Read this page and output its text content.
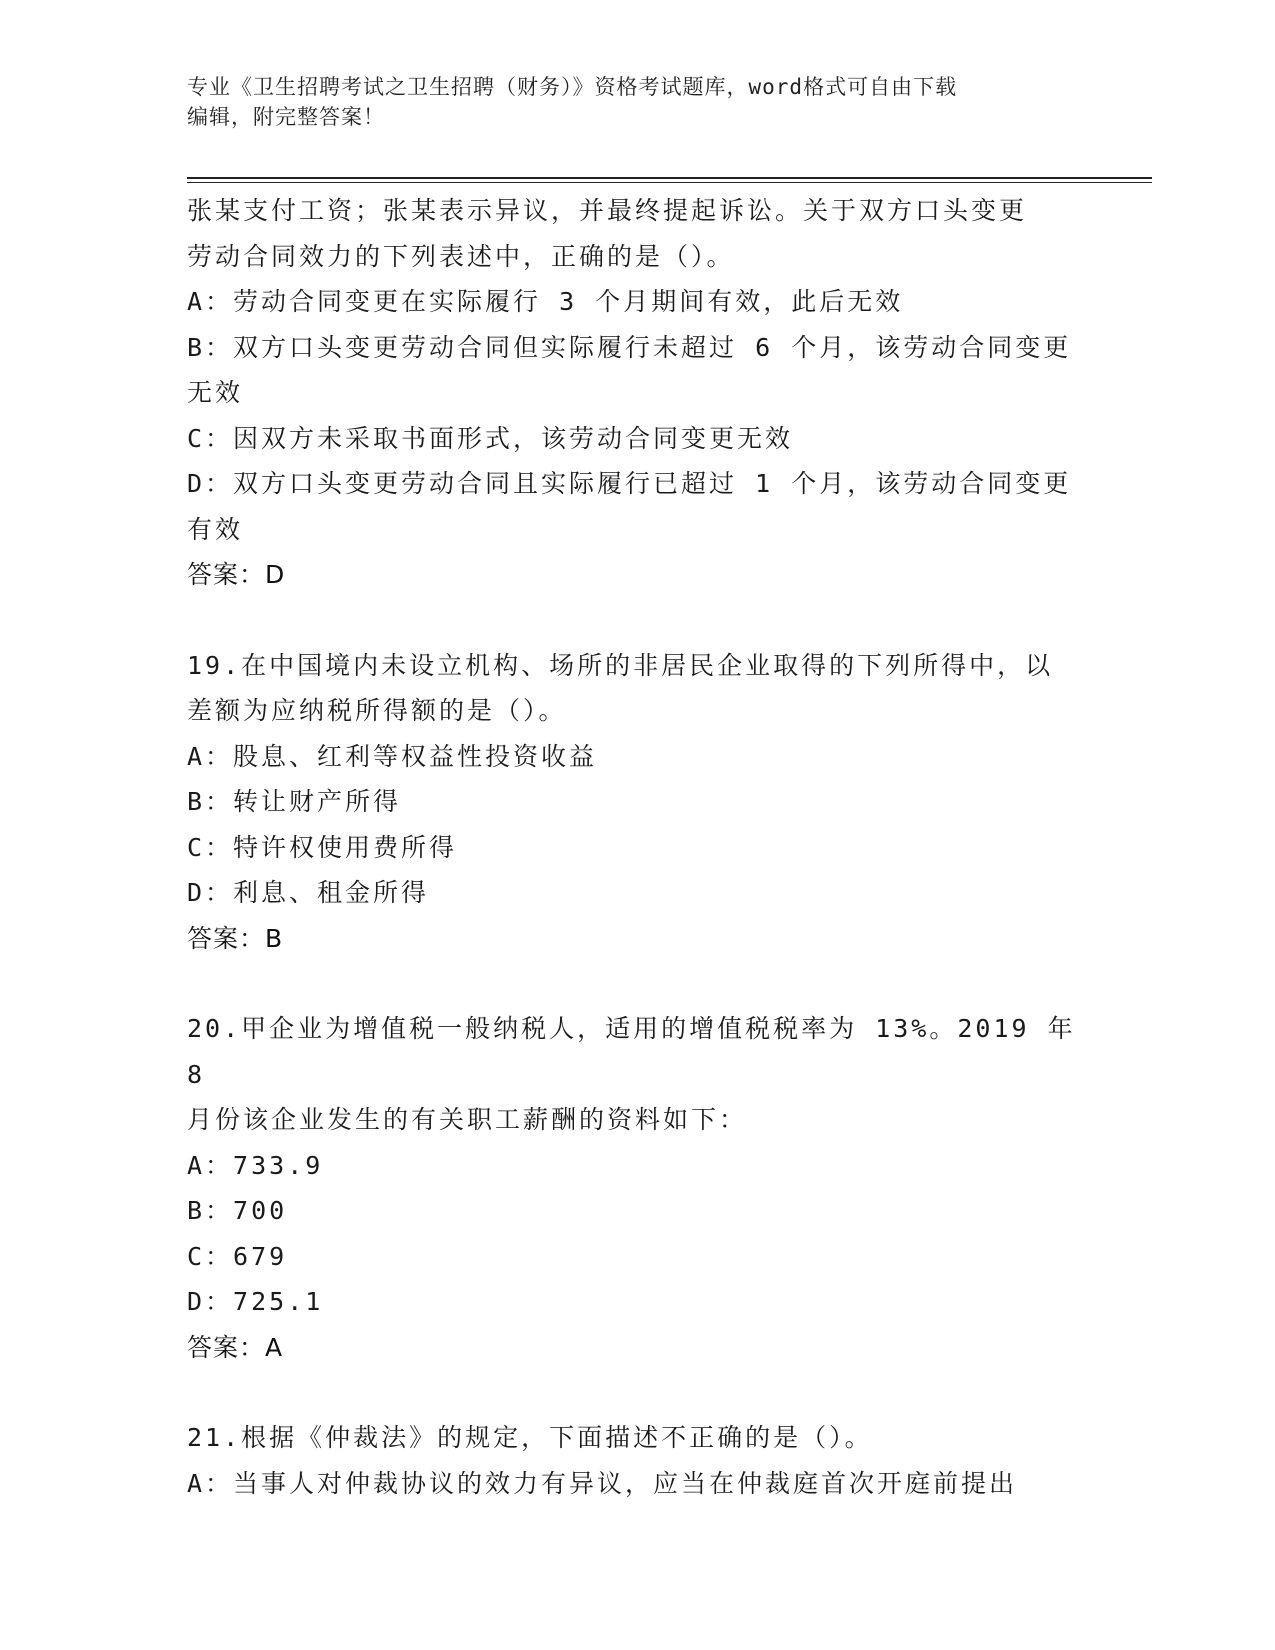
专业《卫生招聘考试之卫生招聘（财务）》资格考试题库，word格式可自由下载
编辑，附完整答案！
张某支付工资；张某表示异议，并最终提起诉讼。关于双方口头变更
劳动合同效力的下列表述中，正确的是（）。
A：劳动合同变更在实际履行 3 个月期间有效，此后无效
B：双方口头变更劳动合同但实际履行未超过 6 个月，该劳动合同变更
无效
C：因双方未采取书面形式，该劳动合同变更无效
D：双方口头变更劳动合同且实际履行已超过 1 个月，该劳动合同变更
有效
答案：D
19.在中国境内未设立机构、场所的非居民企业取得的下列所得中，以
差额为应纳税所得额的是（）。
A：股息、红利等权益性投资收益
B：转让财产所得
C：特许权使用费所得
D：利息、租金所得
答案：B
20.甲企业为增值税一般纳税人，适用的增值税税率为 13%。2019 年 8
月份该企业发生的有关职工薪酬的资料如下：
A：733.9
B：700
C：679
D：725.1
答案：A
21.根据《仲裁法》的规定，下面描述不正确的是（）。
A：当事人对仲裁协议的效力有异议，应当在仲裁庭首次开庭前提出
